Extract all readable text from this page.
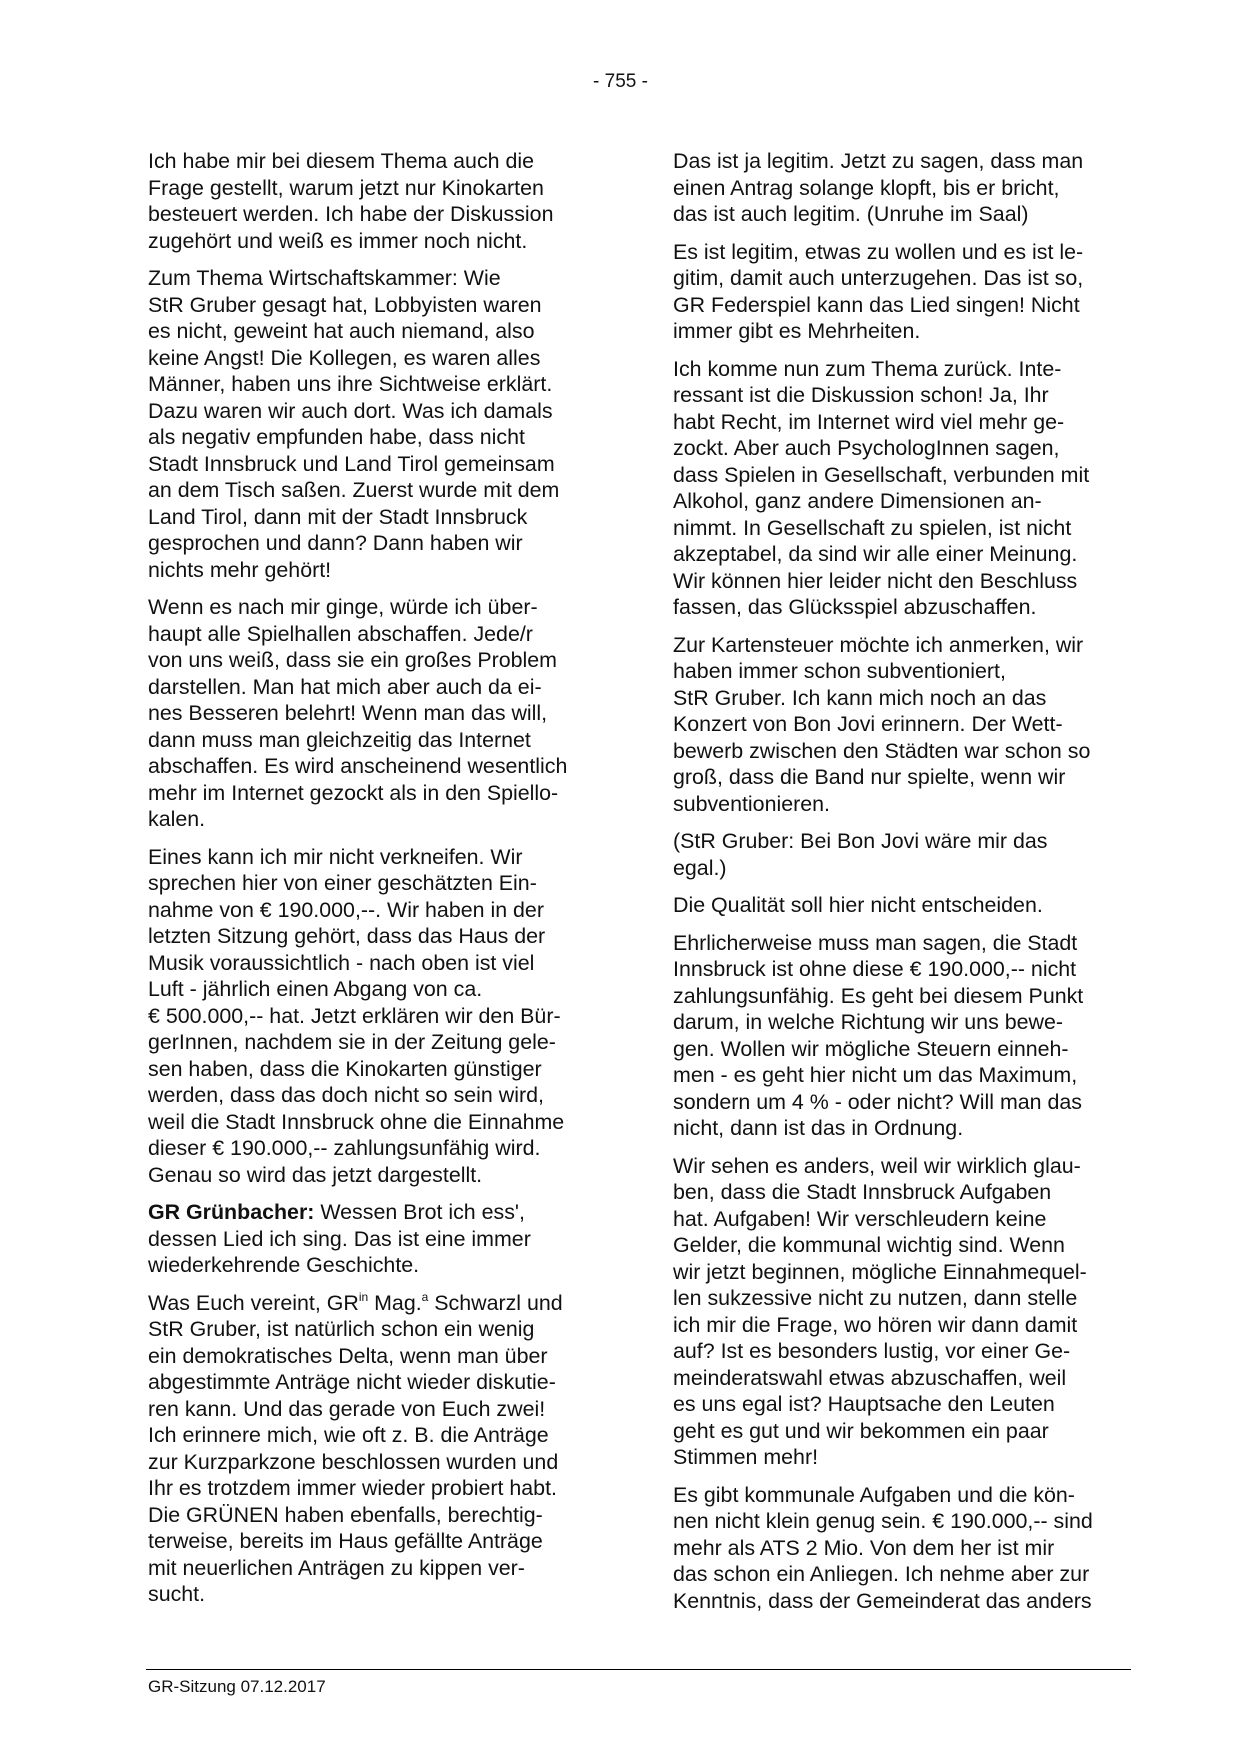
- 755 -
Ich habe mir bei diesem Thema auch die
Frage gestellt, warum jetzt nur Kinokarten
besteuert werden. Ich habe der Diskussion
zugehört und weiß es immer noch nicht.
Zum Thema Wirtschaftskammer: Wie
StR Gruber gesagt hat, Lobbyisten waren
es nicht, geweint hat auch niemand, also
keine Angst! Die Kollegen, es waren alles
Männer, haben uns ihre Sichtweise erklärt.
Dazu waren wir auch dort. Was ich damals
als negativ empfunden habe, dass nicht
Stadt Innsbruck und Land Tirol gemeinsam
an dem Tisch saßen. Zuerst wurde mit dem
Land Tirol, dann mit der Stadt Innsbruck
gesprochen und dann? Dann haben wir
nichts mehr gehört!
Wenn es nach mir ginge, würde ich über-
haupt alle Spielhallen abschaffen. Jede/r
von uns weiß, dass sie ein großes Problem
darstellen. Man hat mich aber auch da ei-
nes Besseren belehrt! Wenn man das will,
dann muss man gleichzeitig das Internet
abschaffen. Es wird anscheinend wesentlich
mehr im Internet gezockt als in den Spiello-
kalen.
Eines kann ich mir nicht verkneifen. Wir
sprechen hier von einer geschätzten Ein-
nahme von € 190.000,--. Wir haben in der
letzten Sitzung gehört, dass das Haus der
Musik voraussichtlich - nach oben ist viel
Luft - jährlich einen Abgang von ca.
€ 500.000,-- hat. Jetzt erklären wir den Bür-
gerInnen, nachdem sie in der Zeitung gele-
sen haben, dass die Kinokarten günstiger
werden, dass das doch nicht so sein wird,
weil die Stadt Innsbruck ohne die Einnahme
dieser € 190.000,-- zahlungsunfähig wird.
Genau so wird das jetzt dargestellt.
GR Grünbacher: Wessen Brot ich ess',
dessen Lied ich sing. Das ist eine immer
wiederkehrende Geschichte.
Was Euch vereint, $GR^{in}$ Mag.$^a$ Schwarzl und
StR Gruber, ist natürlich schon ein wenig
ein demokratisches Delta, wenn man über
abgestimmte Anträge nicht wieder diskutie-
ren kann. Und das gerade von Euch zwei!
Ich erinnere mich, wie oft z. B. die Anträge
zur Kurzparkzone beschlossen wurden und
Ihr es trotzdem immer wieder probiert habt.
Die GRÜNEN haben ebenfalls, berechtig-
terweise, bereits im Haus gefällte Anträge
mit neuerlichen Anträgen zu kippen ver-
sucht.
Das ist ja legitim. Jetzt zu sagen, dass man
einen Antrag solange klopft, bis er bricht,
das ist auch legitim. (Unruhe im Saal)
Es ist legitim, etwas zu wollen und es ist le-
gitim, damit auch unterzugehen. Das ist so,
GR Federspiel kann das Lied singen! Nicht
immer gibt es Mehrheiten.
Ich komme nun zum Thema zurück. Inte-
ressant ist die Diskussion schon! Ja, Ihr
habt Recht, im Internet wird viel mehr ge-
zockt. Aber auch PsychologInnen sagen,
dass Spielen in Gesellschaft, verbunden mit
Alkohol, ganz andere Dimensionen an-
nimmt. In Gesellschaft zu spielen, ist nicht
akzeptabel, da sind wir alle einer Meinung.
Wir können hier leider nicht den Beschluss
fassen, das Glücksspiel abzuschaffen.
Zur Kartensteuer möchte ich anmerken, wir
haben immer schon subventioniert,
StR Gruber. Ich kann mich noch an das
Konzert von Bon Jovi erinnern. Der Wett-
bewerb zwischen den Städten war schon so
groß, dass die Band nur spielte, wenn wir
subventionieren.
(StR Gruber: Bei Bon Jovi wäre mir das
egal.)
Die Qualität soll hier nicht entscheiden.
Ehrlicherweise muss man sagen, die Stadt
Innsbruck ist ohne diese € 190.000,-- nicht
zahlungsunfähig. Es geht bei diesem Punkt
darum, in welche Richtung wir uns bewe-
gen. Wollen wir mögliche Steuern einneh-
men - es geht hier nicht um das Maximum,
sondern um 4 % - oder nicht? Will man das
nicht, dann ist das in Ordnung.
Wir sehen es anders, weil wir wirklich glau-
ben, dass die Stadt Innsbruck Aufgaben
hat. Aufgaben! Wir verschleudern keine
Gelder, die kommunal wichtig sind. Wenn
wir jetzt beginnen, mögliche Einnahmequel-
len sukzessive nicht zu nutzen, dann stelle
ich mir die Frage, wo hören wir dann damit
auf? Ist es besonders lustig, vor einer Ge-
meinderatswahl etwas abzuschaffen, weil
es uns egal ist? Hauptsache den Leuten
geht es gut und wir bekommen ein paar
Stimmen mehr!
Es gibt kommunale Aufgaben und die kön-
nen nicht klein genug sein. € 190.000,-- sind
mehr als ATS 2 Mio. Von dem her ist mir
das schon ein Anliegen. Ich nehme aber zur
Kenntnis, dass der Gemeinderat das anders
GR-Sitzung 07.12.2017
